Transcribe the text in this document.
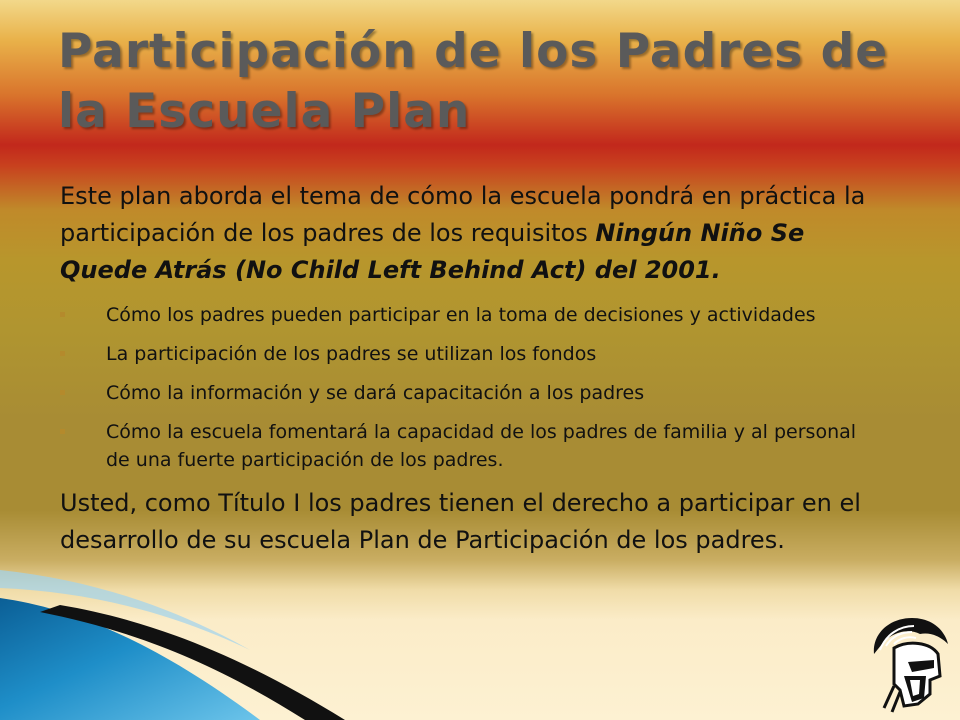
Participación de los Padres de la Escuela Plan

Este plan aborda el tema de cómo la escuela pondrá en práctica la participación de los padres de los requisitos Ningún Niño Se Quede Atrás (No Child Left Behind Act) del 2001.

Cómo los padres pueden participar en la toma de decisiones y actividades
La participación de los padres se utilizan los fondos
Cómo la información y se dará capacitación a los padres
Cómo la escuela fomentará la capacidad de los padres de familia y al personal de una fuerte participación de los padres.

Usted, como Título I los padres tienen el derecho a participar en el desarrollo de su escuela Plan de Participación de los padres.
